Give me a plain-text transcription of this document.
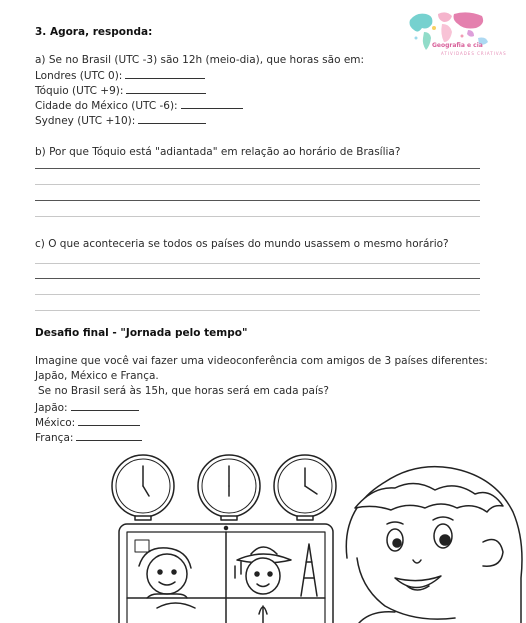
3. Agora, responda:
Geografia e cia
ATIVIDADES CRIATIVAS
a) Se no Brasil (UTC -3) são 12h (meio-dia), que horas são em:
Londres (UTC 0):
Tóquio (UTC +9):
Cidade do México (UTC -6):
Sydney (UTC +10):
b) Por que Tóquio está "adiantada" em relação ao horário de Brasília?
c) O que aconteceria se todos os países do mundo usassem o mesmo horário?
Desafio final - "Jornada pelo tempo"
Imagine que você vai fazer uma videoconferência com amigos de 3 países diferentes:
Japão, México e França.
Se no Brasil será às 15h, que horas será em cada país?
Japão:
México:
França:
